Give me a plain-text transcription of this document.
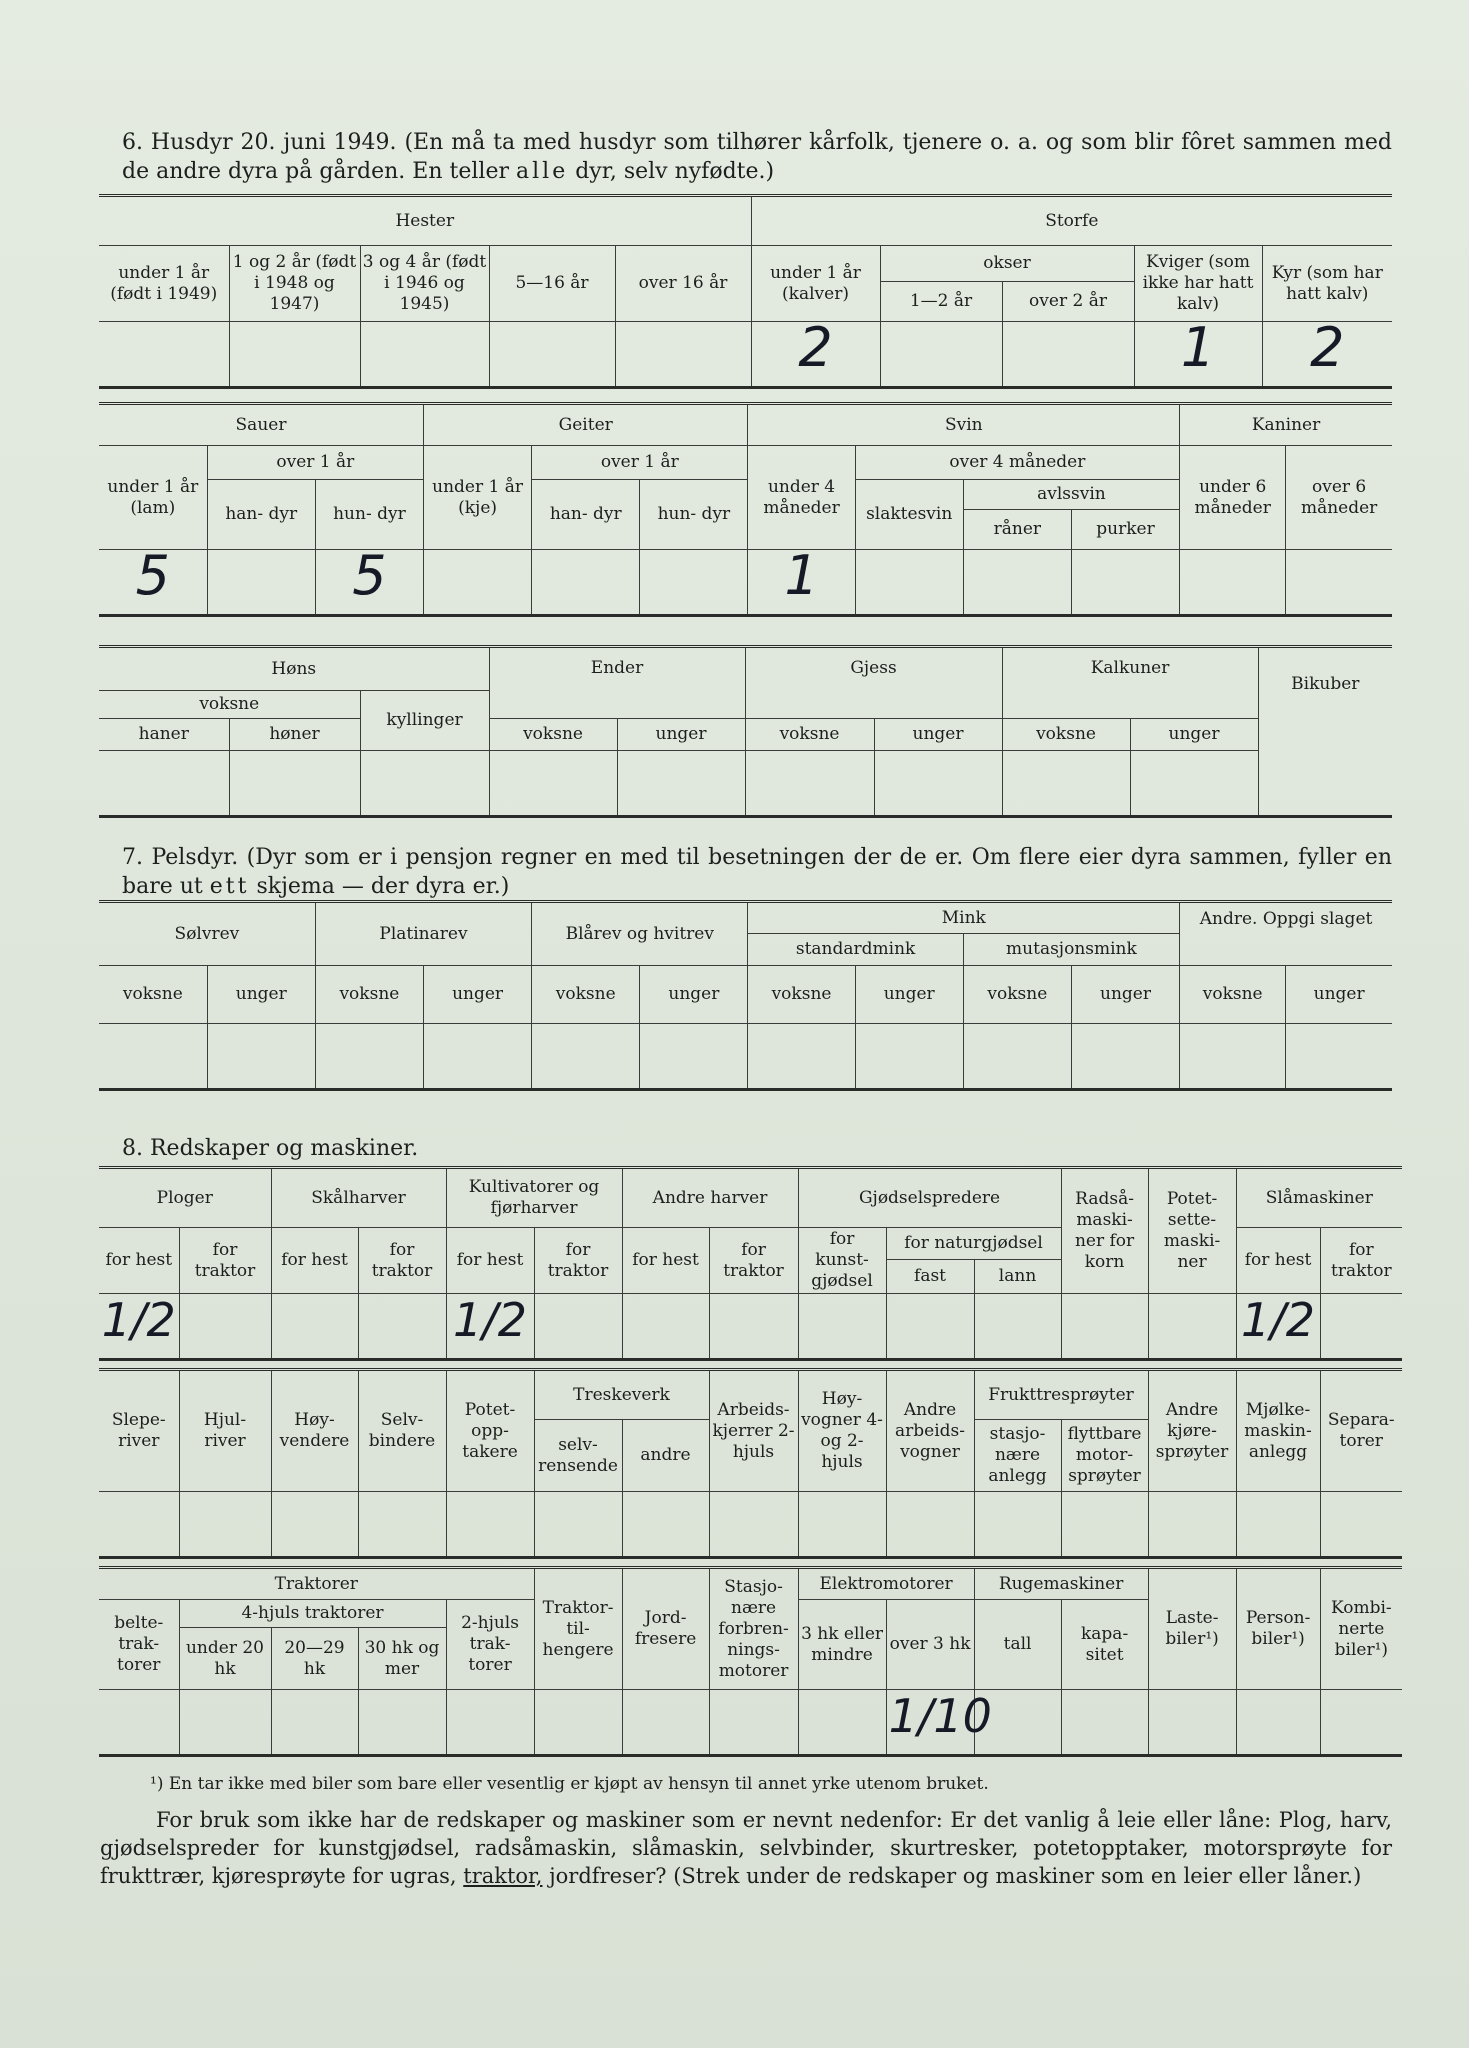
6. Husdyr 20. juni 1949. (En må ta med husdyr som tilhører kårfolk, tjenere o. a. og som blir fôret sammen med de andre dyra på gården. En teller alle dyr, selv nyfødte.)
Hester					Storfe				
under 1 år (født i 1949)	1 og 2 år (født i 1948 og 1947)	3 og 4 år (født i 1946 og 1945)	5—16 år	over 16 år	under 1 år (kalver)	okser		Kviger (som ikke har hatt kalv)	Kyr (som har hatt kalv)
						1—2 år	over 2 år		
					2			1	2
Sauer			Geiter			Svin				Kaniner	
under 1 år (lam)	over 1 år		under 1 år (kje)	over 1 år		under 4 måneder	over 4 måneder			under 6 måneder	over 6 måneder
	han- dyr	hun- dyr		han- dyr	hun- dyr		slaktesvin	avlssvin			
								råner	purker		
5		5				1					
Høns			Ender		Gjess		Kalkuner		Bikuber
voksne		kyllinger							
haner	høner		voksne	unger	voksne	unger	voksne	unger	

7. Pelsdyr. (Dyr som er i pensjon regner en med til besetningen der de er. Om flere eier dyra sammen, fyller en bare ut ett skjema — der dyra er.)
Sølvrev		Platinarev		Blårev og hvitrev		Mink				Andre. Oppgi slaget	
						standardmink		mutasjonsmink			
voksne	unger	voksne	unger	voksne	unger	voksne	unger	voksne	unger	voksne	unger

8. Redskaper og maskiner.
Ploger		Skålharver		Kultivatorer og fjørharver		Andre harver		Gjødselspredere			Radså- maski- ner for korn	Potet- sette- maski- ner	Slåmaskiner	
for hest	for traktor	for hest	for traktor	for hest	for traktor	for hest	for traktor	for kunst- gjødsel	for naturgjødsel				for hest	for traktor
									fast	lann				
1/2				1/2									1/2	
Slepe- river	Hjul- river	Høy- vendere	Selv- bindere	Potet- opp- takere	Treskeverk		Arbeids- kjerrer 2-hjuls	Høy- vogner 4- og 2- hjuls	Andre arbeids- vogner	Frukttresprøyter		Andre kjøre- sprøyter	Mjølke- maskin- anlegg	Separa- torer
					selv- rensende	andre				stasjo- nære anlegg	flyttbare motor- sprøyter			

Traktorer					Traktor- til- hengere	Jord- fresere	Stasjo- nære forbren- nings- motorer	Elektromotorer		Rugemaskiner		Laste- biler¹)	Person- biler¹)	Kombi- nerte biler¹)
belte- trak- torer	4-hjuls traktorer			2-hjuls trak- torer				3 hk eller mindre	over 3 hk	tall	kapa- sitet			
	under 20 hk	20—29 hk	30 hk og mer											
									1/10					
¹) En tar ikke med biler som bare eller vesentlig er kjøpt av hensyn til annet yrke utenom bruket.
For bruk som ikke har de redskaper og maskiner som er nevnt nedenfor: Er det vanlig å leie eller låne: Plog, harv, gjødselspreder for kunstgjødsel, radsåmaskin, slåmaskin, selvbinder, skurtresker, potetopptaker, motorsprøyte for frukttrær, kjøresprøyte for ugras, traktor, jordfreser? (Strek under de redskaper og maskiner som en leier eller låner.)
